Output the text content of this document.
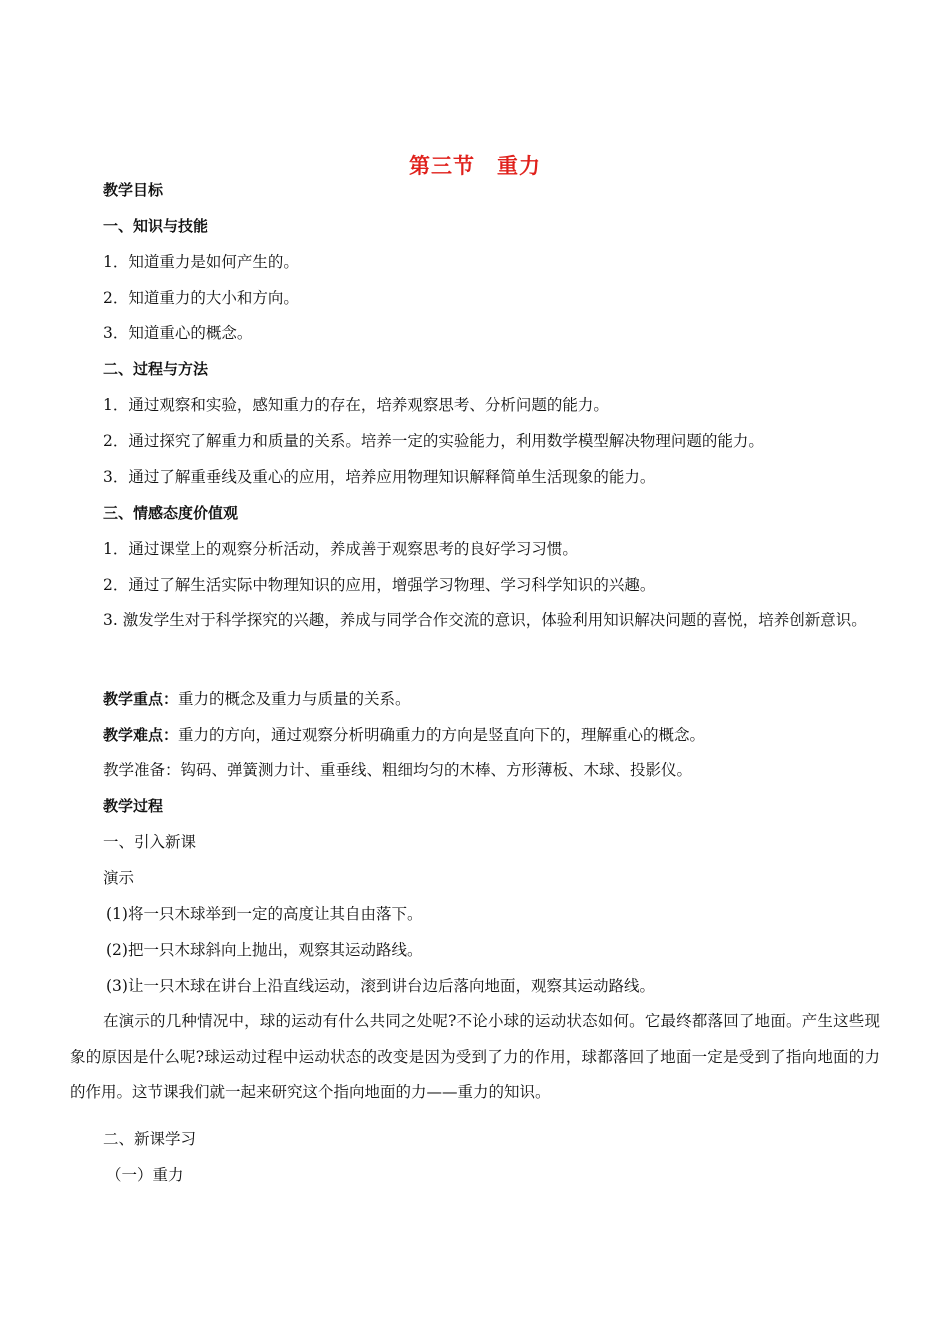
第三节 重力
教学目标
一、知识与技能
1．知道重力是如何产生的。
2．知道重力的大小和方向。
3．知道重心的概念。
二、过程与方法
1．通过观察和实验，感知重力的存在，培养观察思考、分析问题的能力。
2．通过探究了解重力和质量的关系。培养一定的实验能力，利用数学模型解决物理问题的能力。
3．通过了解重垂线及重心的应用，培养应用物理知识解释简单生活现象的能力。
三、情感态度价值观
1．通过课堂上的观察分析活动，养成善于观察思考的良好学习习惯。
2．通过了解生活实际中物理知识的应用，增强学习物理、学习科学知识的兴趣。
3. 激发学生对于科学探究的兴趣，养成与同学合作交流的意识，体验利用知识解决问题的喜悦，培养创新意识。
教学重点：重力的概念及重力与质量的关系。
教学难点：重力的方向，通过观察分析明确重力的方向是竖直向下的，理解重心的概念。
教学准备：钩码、弹簧测力计、重垂线、粗细均匀的木棒、方形薄板、木球、投影仪。
教学过程
一、引入新课
演示
(1)将一只木球举到一定的高度让其自由落下。
(2)把一只木球斜向上抛出，观察其运动路线。
(3)让一只木球在讲台上沿直线运动，滚到讲台边后落向地面，观察其运动路线。
在演示的几种情况中，球的运动有什么共同之处呢?不论小球的运动状态如何。它最终都落回了地面。产生这些现象的原因是什么呢?球运动过程中运动状态的改变是因为受到了力的作用，球都落回了地面一定是受到了指向地面的力的作用。这节课我们就一起来研究这个指向地面的力——重力的知识。
二、新课学习
（一）重力
